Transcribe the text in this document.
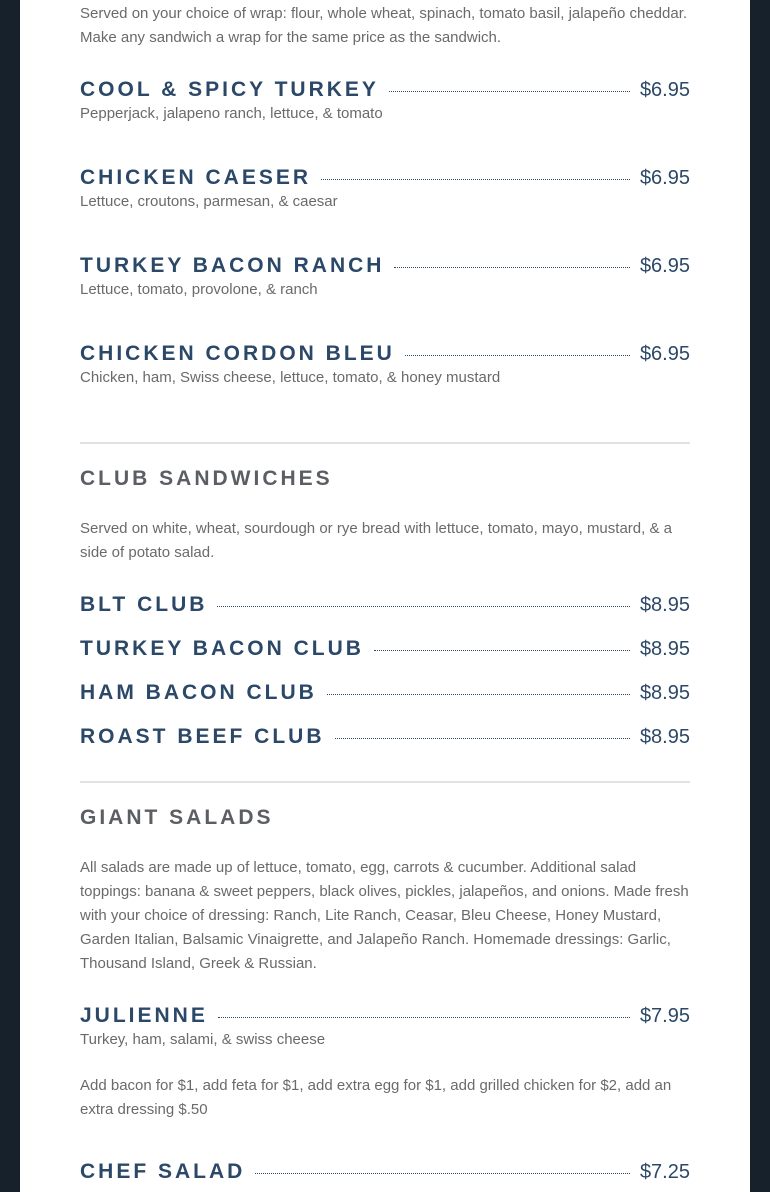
Served on your choice of wrap: flour, whole wheat, spinach, tomato basil, jalapeño cheddar. Make any sandwich a wrap for the same price as the sandwich.

COOL & SPICY TURKEY	$6.95

Pepperjack, jalapeno ranch, lettuce, & tomato

CHICKEN CAESER	$6.95

Lettuce, croutons, parmesan, & caesar

TURKEY BACON RANCH	$6.95

Lettuce, tomato, provolone, & ranch

CHICKEN CORDON BLEU	$6.95

Chicken, ham, Swiss cheese, lettuce, tomato, & honey mustard

CLUB SANDWICHES

Served on white, wheat, sourdough or rye bread with lettuce, tomato, mayo, mustard, & a side of potato salad.

BLT CLUB	$8.95
TURKEY BACON CLUB	$8.95
HAM BACON CLUB	$8.95
ROAST BEEF CLUB	$8.95
GIANT SALADS

All salads are made up of lettuce, tomato, egg, carrots & cucumber. Additional salad toppings: banana & sweet peppers, black olives, pickles, jalapeños, and onions. Made fresh with your choice of dressing: Ranch, Lite Ranch, Ceasar, Bleu Cheese, Honey Mustard, Garden Italian, Balsamic Vinaigrette, and Jalapeño Ranch. Homemade dressings: Garlic, Thousand Island, Greek & Russian.

JULIENNE	$7.95

Turkey, ham, salami, & swiss cheese

Add bacon for $1, add feta for $1, add extra egg for $1, add grilled chicken for $2, add an extra dressing $.50

CHEF SALAD	$7.25
